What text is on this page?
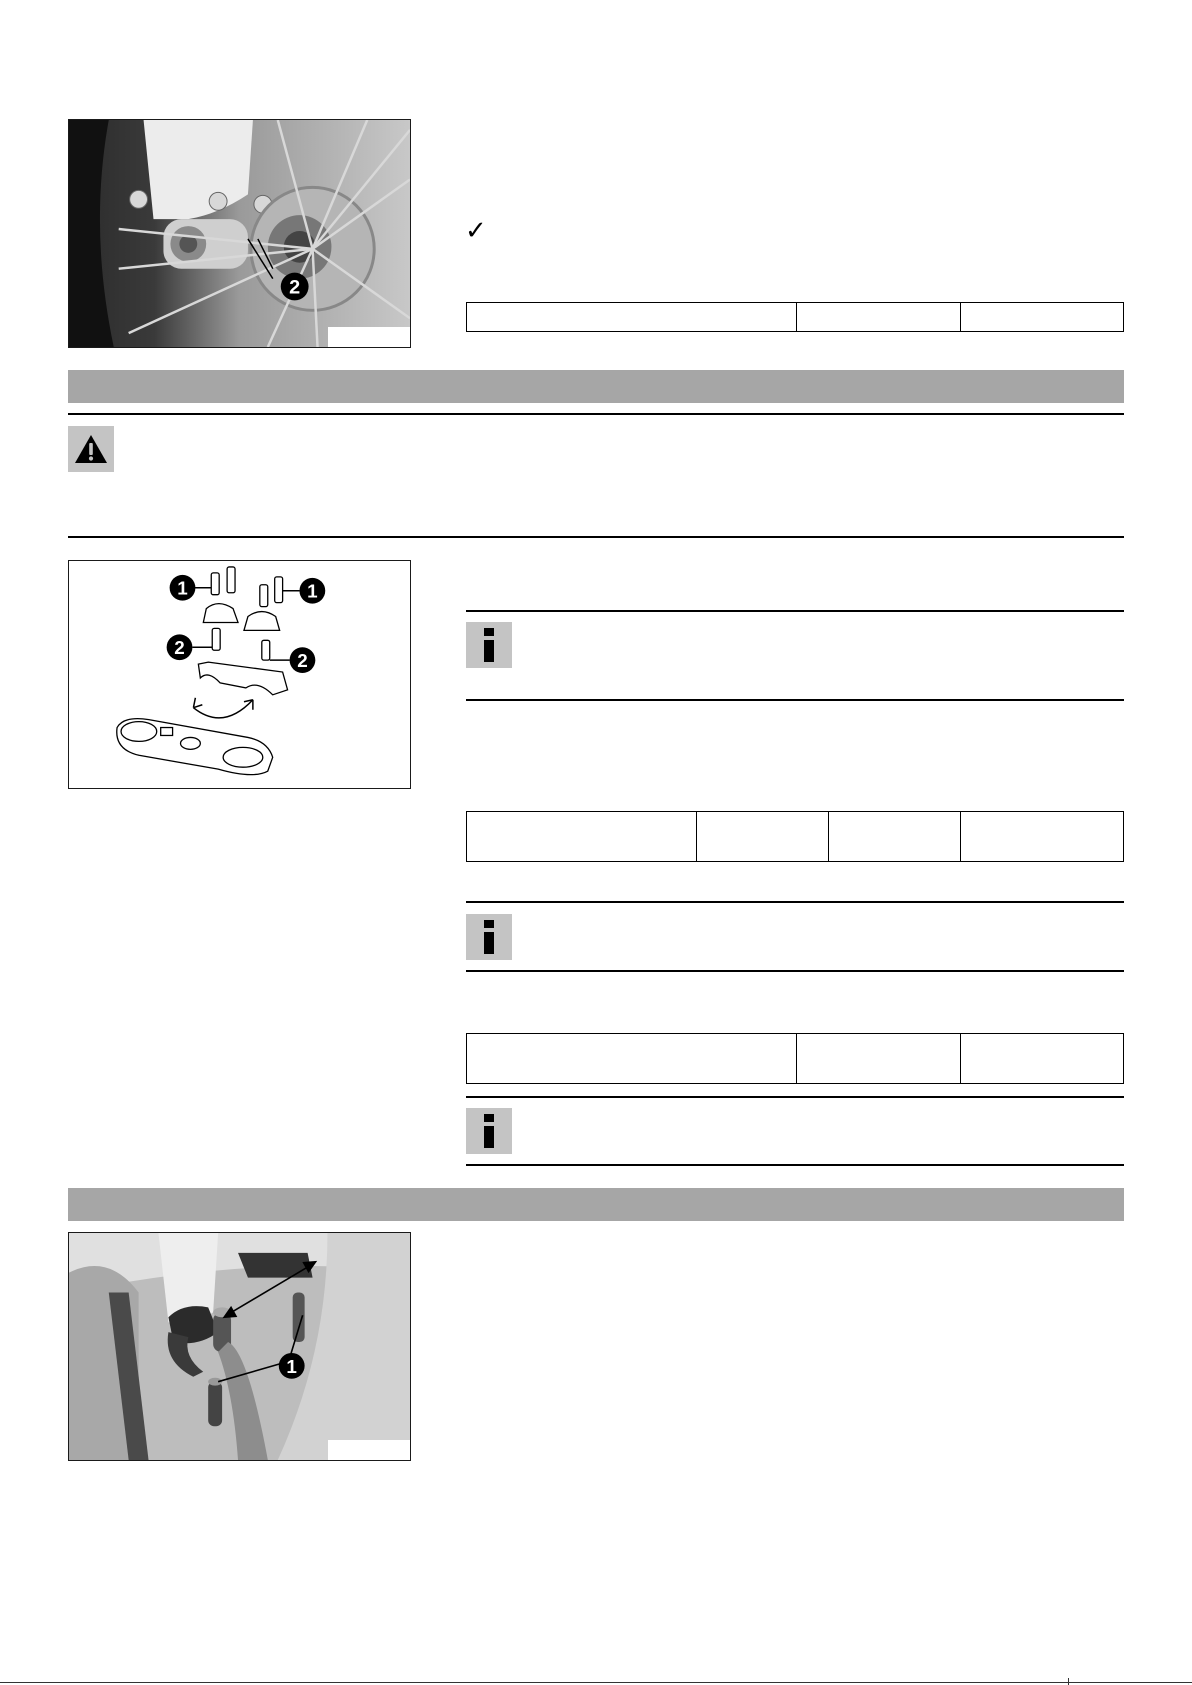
2
✓
1	1
2
2
1
